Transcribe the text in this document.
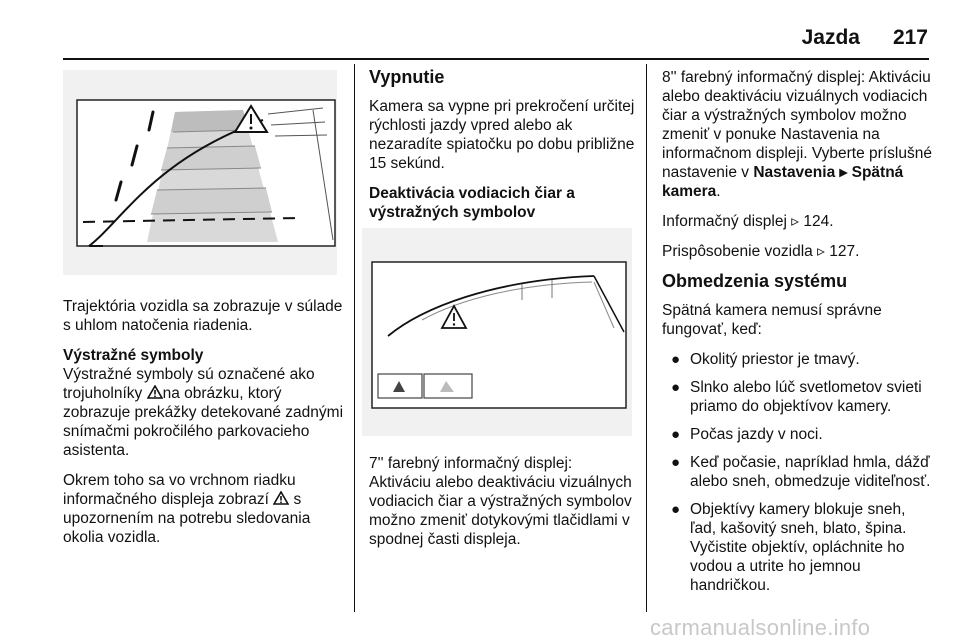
Jazda	217

Trajektória vozidla sa zobrazuje v súlade s uhlom natočenia riadenia.

Výstražné symboly

Výstražné symboly sú označené ako trojuholníky na obrázku, ktorý zobrazuje prekážky detekované zadnými snímačmi pokročilého parkovacieho asistenta.

Okrem toho sa vo vrchnom riadku informačného displeja zobrazí s upozornením na potrebu sledovania okolia vozidla.

Vypnutie

Kamera sa vypne pri prekročení určitej rýchlosti jazdy vpred alebo ak nezaradíte spiatočku po dobu približne 15 sekúnd.

Deaktivácia vodiacich čiar a výstražných symbolov

7'' farebný informačný displej: Aktiváciu alebo deaktiváciu vizuálnych vodiacich čiar a výstražných symbolov možno zmeniť dotykovými tlačidlami v spodnej časti displeja.

8'' farebný informačný displej: Aktiváciu alebo deaktiváciu vizuálnych vodiacich čiar a výstražných symbolov možno zmeniť v ponuke Nastavenia na informačnom displeji. Vyberte príslušné nastavenie v Nastavenia ▸ Spätná kamera.

Informačný displej ▹ 124.

Prispôsobenie vozidla ▹ 127.

Obmedzenia systému

Spätná kamera nemusí správne fungovať, keď:

● Okolitý priestor je tmavý.
● Slnko alebo lúč svetlometov svieti priamo do objektívov kamery.
● Počas jazdy v noci.
● Keď počasie, napríklad hmla, dážď alebo sneh, obmedzuje viditeľnosť.
● Objektívy kamery blokuje sneh, ľad, kašovitý sneh, blato, špina. Vyčistite objektív, opláchnite ho vodou a utrite ho jemnou handričkou.
carmanualsonline.info
